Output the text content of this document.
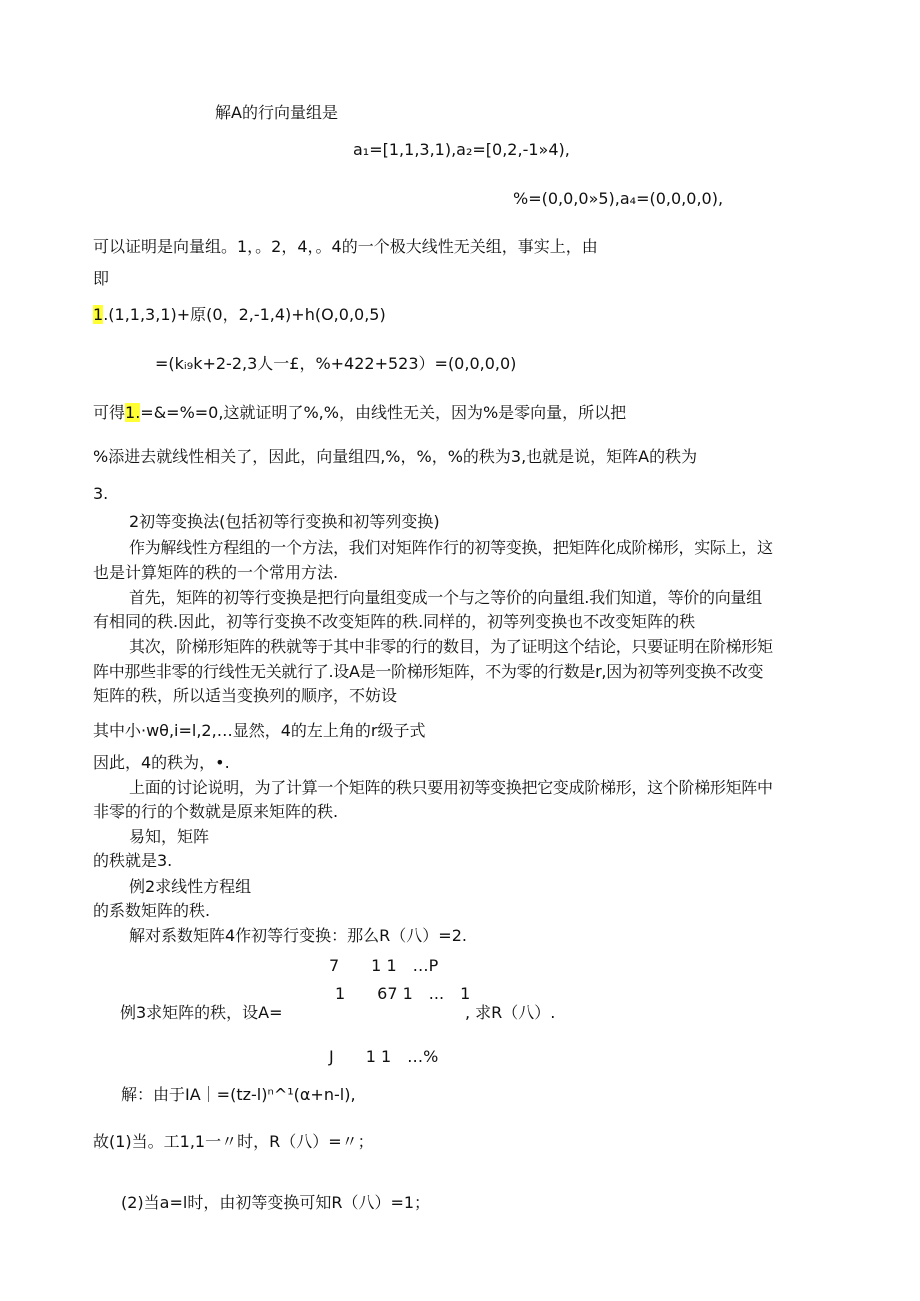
解A的行向量组是
a₁=[1,1,3,1),a₂=[0,2,-1»4),
%=(0,0,0»5),a₄=(0,0,0,0),
可以证明是向量组。1，。2，4，。4的一个极大线性无关组，事实上，由
即
1.(1,1,3,1)+原(0，2,-1,4)+h(O,0,0,5)
=(kᵢ₉k+2-2,3人一£，%+422+523）=(0,0,0,0)
可得1.=&=%=0,这就证明了%,%，由线性无关，因为%是零向量，所以把
%添进去就线性相关了，因此，向量组四,%，%，%的秩为3,也就是说，矩阵A的秩为
3.
2初等变换法(包括初等行变换和初等列变换)
作为解线性方程组的一个方法，我们对矩阵作行的初等变换，把矩阵化成阶梯形，实际上，这
也是计算矩阵的秩的一个常用方法.
首先，矩阵的初等行变换是把行向量组变成一个与之等价的向量组.我们知道，等价的向量组
有相同的秩.因此，初等行变换不改变矩阵的秩.同样的，初等列变换也不改变矩阵的秩
其次，阶梯形矩阵的秩就等于其中非零的行的数目，为了证明这个结论，只要证明在阶梯形矩
阵中那些非零的行线性无关就行了.设A是一阶梯形矩阵，不为零的行数是r,因为初等列变换不改变
矩阵的秩，所以适当变换列的顺序，不妨设
其中小·wθ,i=l,2,…显然，4的左上角的r级子式
因此，4的秩为，•.
上面的讨论说明，为了计算一个矩阵的秩只要用初等变换把它变成阶梯形，这个阶梯形矩阵中
非零的行的个数就是原来矩阵的秩.
易知，矩阵
的秩就是3.
例2求线性方程组
的系数矩阵的秩.
解对系数矩阵4作初等行变换：那么R（八）=2.
7　　1 1　…P
1　　67 1　...　1
例3求矩阵的秩，设A=	, 求R（八）.
J　　1 1　…%
解：由于IA｜=(tz-l)ⁿ^¹(α+n-l),
故(1)当。工1,1一〃时，R（八）=〃；
(2)当a=l时，由初等变换可知R（八）=1；
